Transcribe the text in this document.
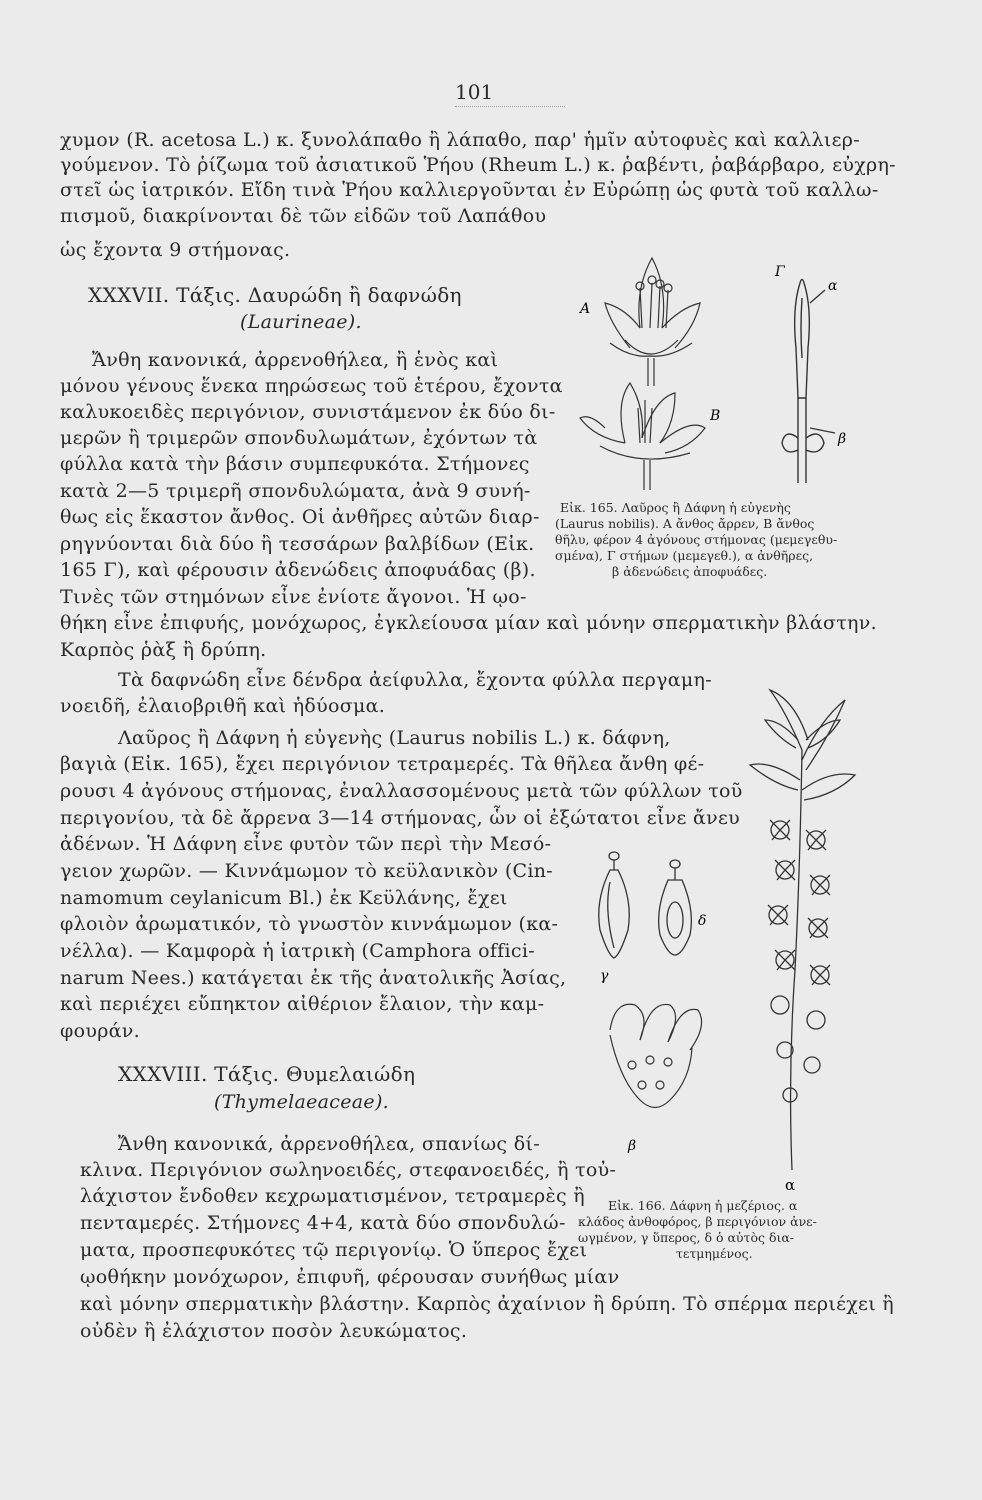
101
χυμον (R. acetosa L.) κ. ξυνολάπαθο ἢ λάπαθο, παρ' ἡμῖν αὐτοφυὲς καὶ καλλιερ-
γούμενον. Τὸ ῥίζωμα τοῦ ἀσιατικοῦ Ῥήου (Rheum L.) κ. ῥαβέντι, ῥαβάρβαρο, εὐχρη-
στεῖ ὡς ἰατρικόν. Εἴδη τινὰ Ῥήου καλλιεργοῦνται ἐν Εὐρώπῃ ὡς φυτὰ τοῦ καλλω-
πισμοῦ, διακρίνονται δὲ τῶν εἰδῶν τοῦ Λαπάθου
ὡς ἔχοντα 9 στήμονας.
XXXVII. Τάξις. Δαυρώδη ἢ δαφνώδη
(Laurineae).
Ἄνθη κανονικά, ἀρρενοθήλεα, ἢ ἑνὸς καὶ
μόνου γένους ἕνεκα πηρώσεως τοῦ ἑτέρου, ἔχοντα
καλυκοειδὲς περιγόνιον, συνιστάμενον ἐκ δύο δι-
μερῶν ἢ τριμερῶν σπονδυλωμάτων, ἐχόντων τὰ
φύλλα κατὰ τὴν βάσιν συμπεφυκότα. Στήμονες
κατὰ 2—5 τριμερῆ σπονδυλώματα, ἀνὰ 9 συνή-
θως εἰς ἕκαστον ἄνθος. Οἱ ἀνθῆρες αὐτῶν διαρ-
ρηγνύονται διὰ δύο ἢ τεσσάρων βαλβίδων (Εἰκ.
165 Γ), καὶ φέρουσιν ἀδενώδεις ἀποφυάδας (β).
Τινὲς τῶν στημόνων εἶνε ἐνίοτε ἄγονοι. Ἡ ῳο-
θήκη εἶνε ἐπιφυής, μονόχωρος, ἐγκλείουσα μίαν καὶ μόνην σπερματικὴν βλάστην.
Καρπὸς ῥὰξ ἢ δρύπη.
Τὰ δαφνώδη εἶνε δένδρα ἀείφυλλα, ἔχοντα φύλλα περγαμη-
νοειδῆ, ἐλαιοβριθῆ καὶ ἡδύοσμα.
Λαῦρος ἢ Δάφνη ἡ εὐγενὴς (Laurus nobilis L.) κ. δάφνη,
βαγιὰ (Εἰκ. 165), ἔχει περιγόνιον τετραμερές. Τὰ θῆλεα ἄνθη φέ-
ρουσι 4 ἀγόνους στήμονας, ἐναλλασσομένους μετὰ τῶν φύλλων τοῦ
περιγονίου, τὰ δὲ ἄρρενα 3—14 στήμονας, ὧν οἱ ἐξώτατοι εἶνε ἄνευ
ἀδένων. Ἡ Δάφνη εἶνε φυτὸν τῶν περὶ τὴν Μεσό-
γειον χωρῶν. — Κιννάμωμον τὸ κεϋλανικὸν (Cin-
namomum ceylanicum Bl.) ἐκ Κεϋλάνης, ἔχει
φλοιὸν ἀρωματικόν, τὸ γνωστὸν κιννάμωμον (κα-
νέλλα). — Καμφορὰ ἡ ἰατρικὴ (Camphora offici-
narum Nees.) κατάγεται ἐκ τῆς ἀνατολικῆς Ἀσίας,
καὶ περιέχει εὔπηκτον αἰθέριον ἔλαιον, τὴν καμ-
φουράν.
XXXVIII. Τάξις. Θυμελαιώδη
(Thymelaeaceae).
Ἄνθη κανονικά, ἀρρενοθήλεα, σπανίως δί-
κλινα. Περιγόνιον σωληνοειδές, στεφανοειδές, ἢ τοὐ-
λάχιστον ἔνδοθεν κεχρωματισμένον, τετραμερὲς ἢ
πενταμερές. Στήμονες 4+4, κατὰ δύο σπονδυλώ-
ματα, προσπεφυκότες τῷ περιγονίῳ. Ὁ ὕπερος ἔχει
ῳοθήκην μονόχωρον, ἐπιφυῆ, φέρουσαν συνήθως μίαν
καὶ μόνην σπερματικὴν βλάστην. Καρπὸς ἀχαίνιον ἢ δρύπη. Τὸ σπέρμα περιέχει ἢ
οὐδὲν ἢ ἐλάχιστον ποσὸν λευκώματος.
Α
Β
Γ
α
β
Εἰκ. 165. Λαῦρος ἢ Δάφνη ἡ εὐγενὴς
(Laurus nobilis). Α ἄνθος ἄρρεν, Β ἄνθος
θῆλυ, φέρον 4 ἀγόνους στήμονας (μεμεγεθυ-
σμένα), Γ στήμων (μεμεγεθ.), α ἀνθῆρες,
β ἀδενώδεις ἀποφυάδες.
α
γ
δ
β
Εἰκ. 166. Δάφνη ἡ μεζέριος. α
κλάδος ἀνθοφόρος, β περιγόνιον ἀνε-
ωγμένον, γ ὕπερος, δ ὁ αὐτὸς δια-
τετμημένος.
